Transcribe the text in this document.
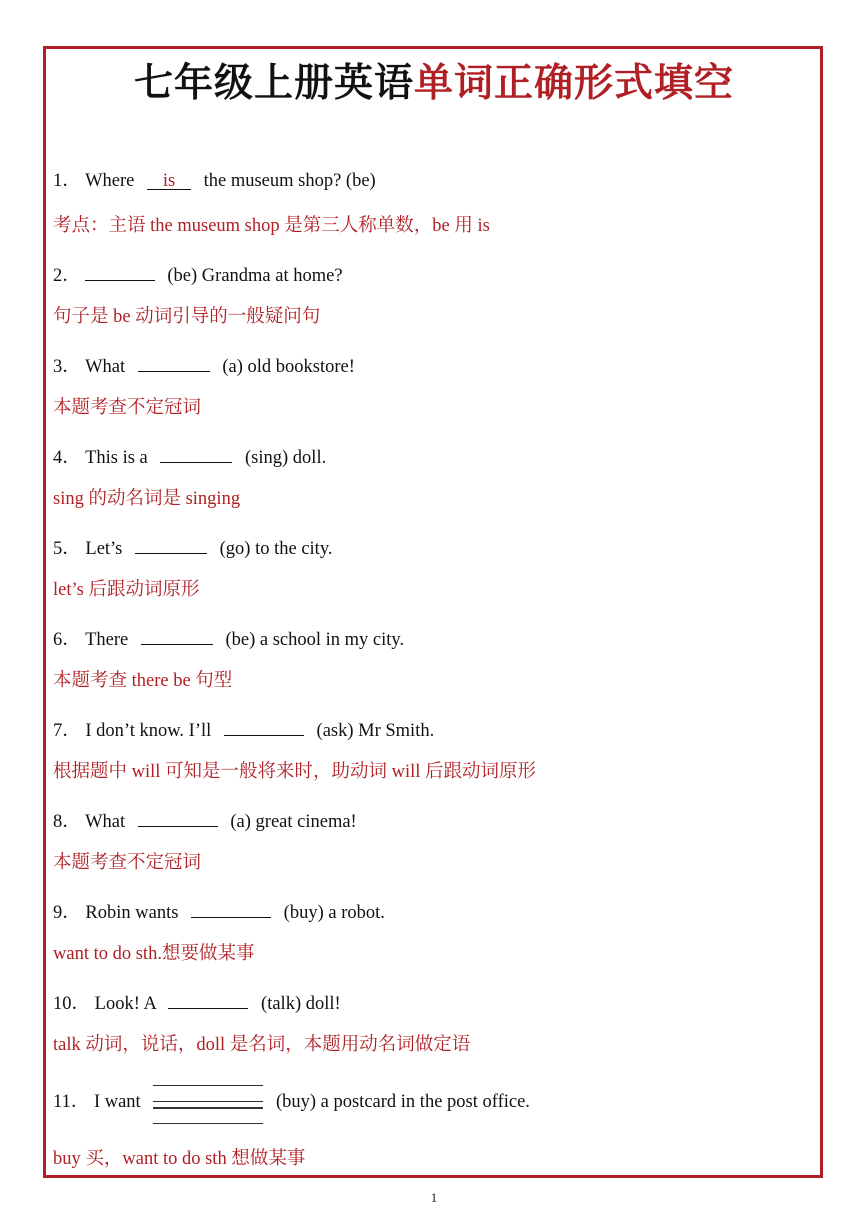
七年级上册英语单词正确形式填空
1． Where is the museum shop? (be)
考点：主语 the museum shop 是第三人称单数，be 用 is
2．	(be) Grandma at home?
句子是 be 动词引导的一般疑问句
3． What	(a) old bookstore!
本题考查不定冠词
4． This is a	(sing) doll.
sing 的动名词是 singing
5． Let’s	(go) to the city.
let’s 后跟动词原形
6． There	(be) a school in my city.
本题考查 there be 句型
7． I don’t know. I’ll	(ask) Mr Smith.
根据题中 will 可知是一般将来时，助动词 will 后跟动词原形
8． What	(a) great cinema!
本题考查不定冠词
9． Robin wants	(buy) a robot.
want to do sth.想要做某事
10． Look! A	(talk) doll!
talk 动词，说话，doll 是名词，本题用动名词做定语
11． I want	(buy) a postcard in the post office.
buy 买，want to do sth 想做某事
1
